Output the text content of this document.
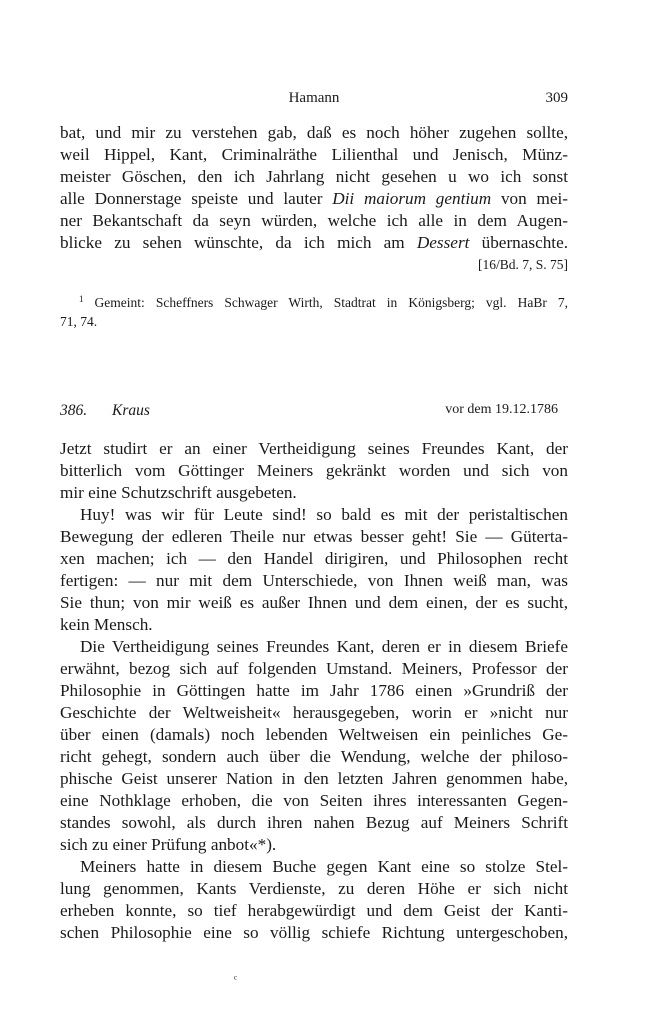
Hamann	309
bat, und mir zu verstehen gab, daß es noch höher zugehen sollte,
weil Hippel, Kant, Criminalräthe Lilienthal und Jenisch, Münz-
meister Göschen, den ich Jahrlang nicht gesehen u wo ich sonst
alle Donnerstage speiste und lauter Dii maiorum gentium von mei-
ner Bekantschaft da seyn würden, welche ich alle in dem Augen-
blicke zu sehen wünschte, da ich mich am Dessert übernaschte.
[16/Bd. 7, S. 75]
$^1$ Gemeint: Scheffners Schwager Wirth, Stadtrat in Königsberg; vgl. HaBr 7,
71, 74.
386. Kraus	vor dem 19.12.1786
Jetzt studirt er an einer Vertheidigung seines Freundes Kant, der
bitterlich vom Göttinger Meiners gekränkt worden und sich von
mir eine Schutzschrift ausgebeten.
Huy! was wir für Leute sind! so bald es mit der peristaltischen
Bewegung der edleren Theile nur etwas besser geht! Sie — Güterta-
xen machen; ich — den Handel dirigiren, und Philosophen recht
fertigen: — nur mit dem Unterschiede, von Ihnen weiß man, was
Sie thun; von mir weiß es außer Ihnen und dem einen, der es sucht,
kein Mensch.
Die Vertheidigung seines Freundes Kant, deren er in diesem Briefe
erwähnt, bezog sich auf folgenden Umstand. Meiners, Professor der
Philosophie in Göttingen hatte im Jahr 1786 einen »Grundriß der
Geschichte der Weltweisheit« herausgegeben, worin er »nicht nur
über einen (damals) noch lebenden Weltweisen ein peinliches Ge-
richt gehegt, sondern auch über die Wendung, welche der philoso-
phische Geist unserer Nation in den letzten Jahren genommen habe,
eine Nothklage erhoben, die von Seiten ihres interessanten Gegen-
standes sowohl, als durch ihren nahen Bezug auf Meiners Schrift
sich zu einer Prüfung anbot«*).
Meiners hatte in diesem Buche gegen Kant eine so stolze Stel-
lung genommen, Kants Verdienste, zu deren Höhe er sich nicht
erheben konnte, so tief herabgewürdigt und dem Geist der Kanti-
schen Philosophie eine so völlig schiefe Richtung untergeschoben,
ᶜ
